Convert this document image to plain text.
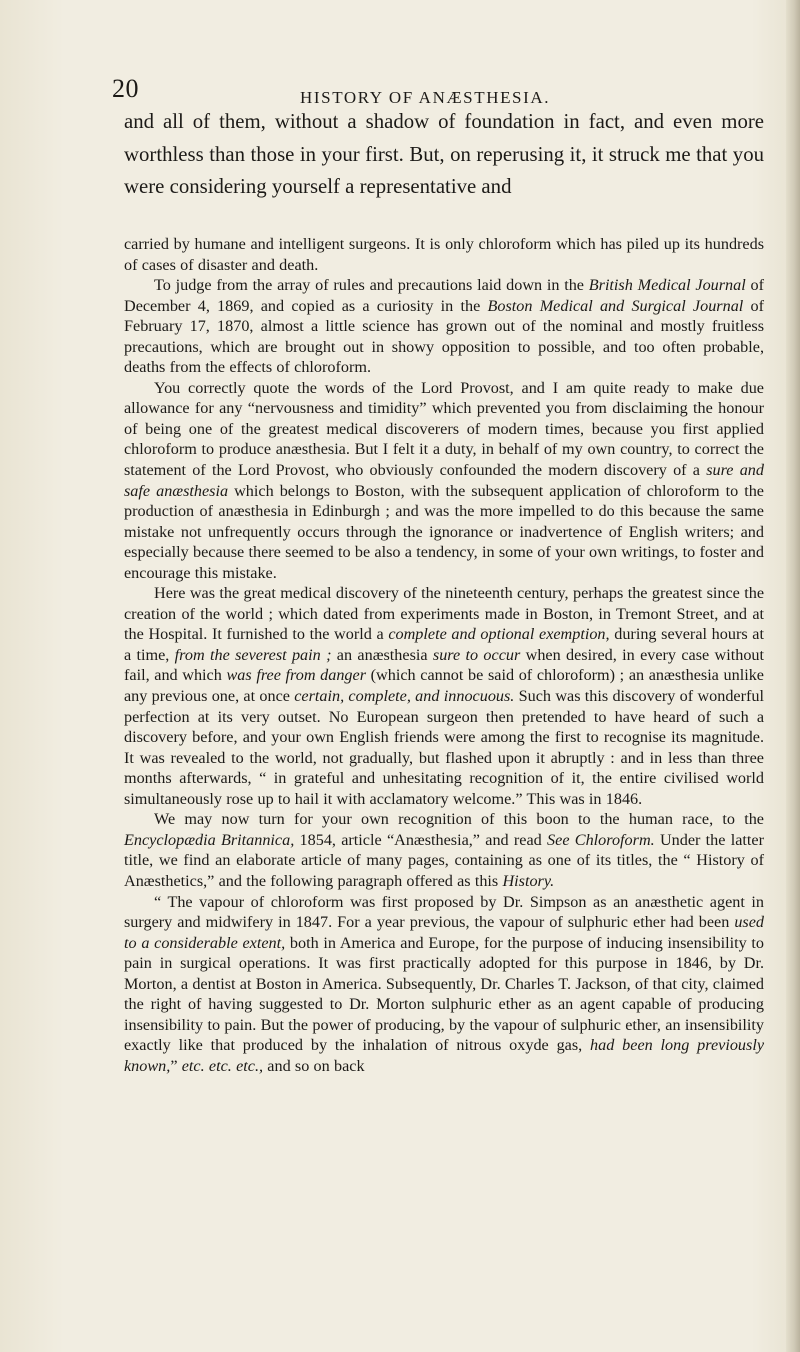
20	HISTORY OF ANÆSTHESIA.

and all of them, without a shadow of foundation in fact, and even more worthless than those in your first. But, on reperusing it, it struck me that you were considering yourself a representative and

carried by humane and intelligent surgeons. It is only chloroform which has piled up its hundreds of cases of disaster and death.

To judge from the array of rules and precautions laid down in the British Medical Journal of December 4, 1869, and copied as a curiosity in the Boston Medical and Surgical Journal of February 17, 1870, almost a little science has grown out of the nominal and mostly fruitless precautions, which are brought out in showy opposition to possible, and too often probable, deaths from the effects of chloroform.

You correctly quote the words of the Lord Provost, and I am quite ready to make due allowance for any “nervousness and timidity” which prevented you from disclaiming the honour of being one of the greatest medical discoverers of modern times, because you first applied chloroform to produce anæsthesia. But I felt it a duty, in behalf of my own country, to correct the statement of the Lord Provost, who obviously confounded the modern discovery of a sure and safe anæsthesia which belongs to Boston, with the subsequent application of chloroform to the production of anæsthesia in Edinburgh ; and was the more impelled to do this because the same mistake not unfrequently occurs through the ignorance or inadvertence of English writers; and especially because there seemed to be also a tendency, in some of your own writings, to foster and encourage this mistake.

Here was the great medical discovery of the nineteenth century, perhaps the greatest since the creation of the world ; which dated from experiments made in Boston, in Tremont Street, and at the Hospital. It furnished to the world a complete and optional exemption, during several hours at a time, from the severest pain ; an anæsthesia sure to occur when desired, in every case without fail, and which was free from danger (which cannot be said of chloroform) ; an anæsthesia unlike any previous one, at once certain, complete, and innocuous. Such was this discovery of wonderful perfection at its very outset. No European surgeon then pretended to have heard of such a discovery before, and your own English friends were among the first to recognise its magnitude. It was revealed to the world, not gradually, but flashed upon it abruptly : and in less than three months afterwards, “ in grateful and unhesitating recognition of it, the entire civilised world simultaneously rose up to hail it with acclamatory welcome.” This was in 1846.

We may now turn for your own recognition of this boon to the human race, to the Encyclopædia Britannica, 1854, article “Anæsthesia,” and read See Chloroform. Under the latter title, we find an elaborate article of many pages, containing as one of its titles, the “ History of Anæsthetics,” and the following paragraph offered as this History.

“ The vapour of chloroform was first proposed by Dr. Simpson as an anæsthetic agent in surgery and midwifery in 1847. For a year previous, the vapour of sulphuric ether had been used to a considerable extent, both in America and Europe, for the purpose of inducing insensibility to pain in surgical operations. It was first practically adopted for this purpose in 1846, by Dr. Morton, a dentist at Boston in America. Subsequently, Dr. Charles T. Jackson, of that city, claimed the right of having suggested to Dr. Morton sulphuric ether as an agent capable of producing insensibility to pain. But the power of producing, by the vapour of sulphuric ether, an insensibility exactly like that produced by the inhalation of nitrous oxyde gas, had been long previously known,” etc. etc. etc., and so on back
